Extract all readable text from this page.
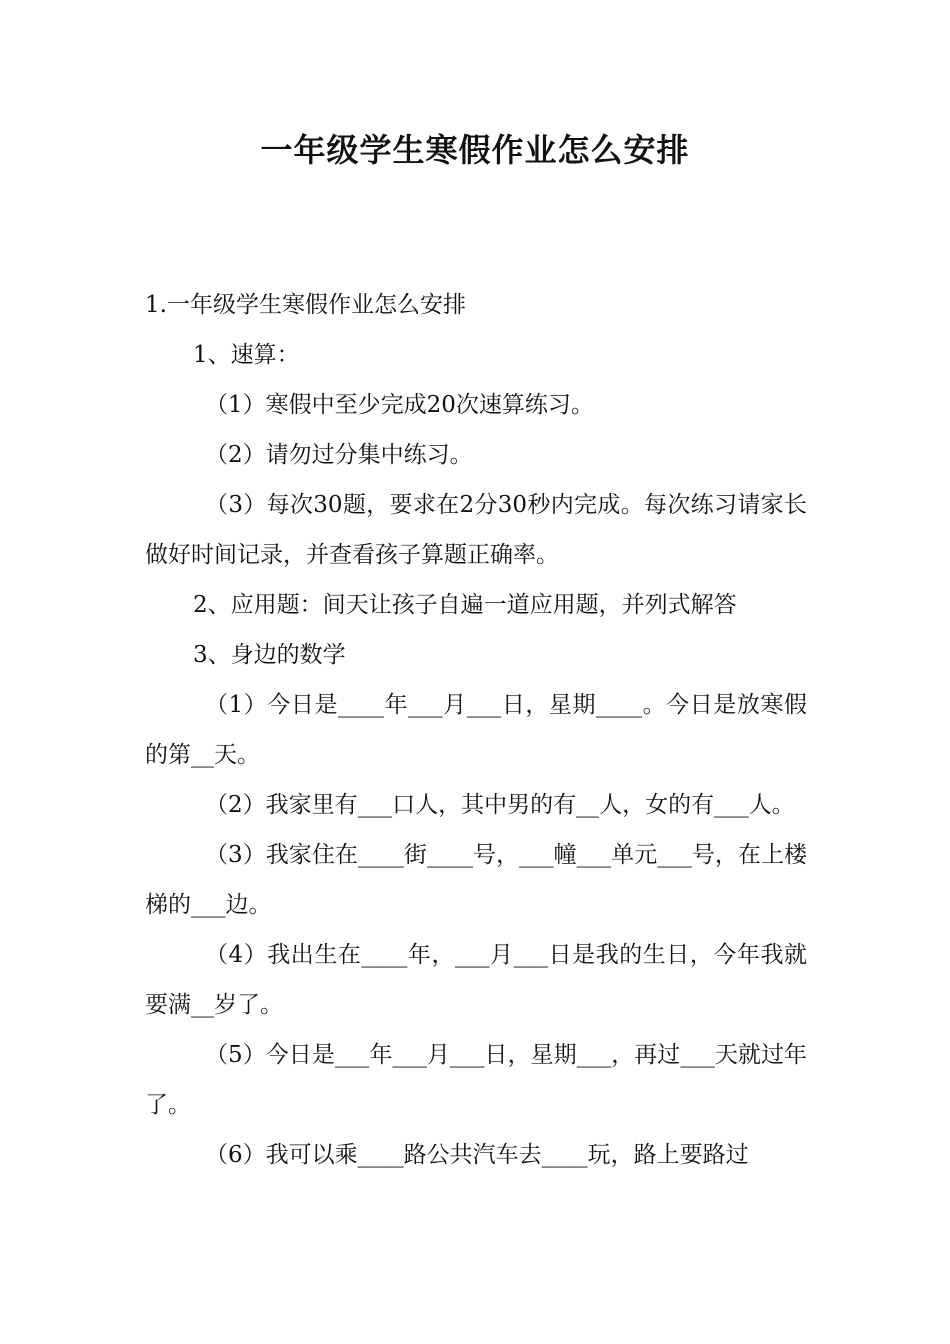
一年级学生寒假作业怎么安排

1.一年级学生寒假作业怎么安排

1、速算：

（1）寒假中至少完成20次速算练习。

（2）请勿过分集中练习。

（3）每次30题，要求在2分30秒内完成。每次练习请家长做好时间记录，并查看孩子算题正确率。

2、应用题：间天让孩子自遍一道应用题，并列式解答

3、身边的数学

（1）今日是____年___月___日，星期____。今日是放寒假的第__天。

（2）我家里有___口人，其中男的有__人，女的有___人。

（3）我家住在____街____号，___幢___单元___号，在上楼梯的___边。

（4）我出生在____年，___月___日是我的生日，今年我就要满__岁了。

（5）今日是___年___月___日，星期___，再过___天就过年了。

（6）我可以乘____路公共汽车去____玩，路上要路过
